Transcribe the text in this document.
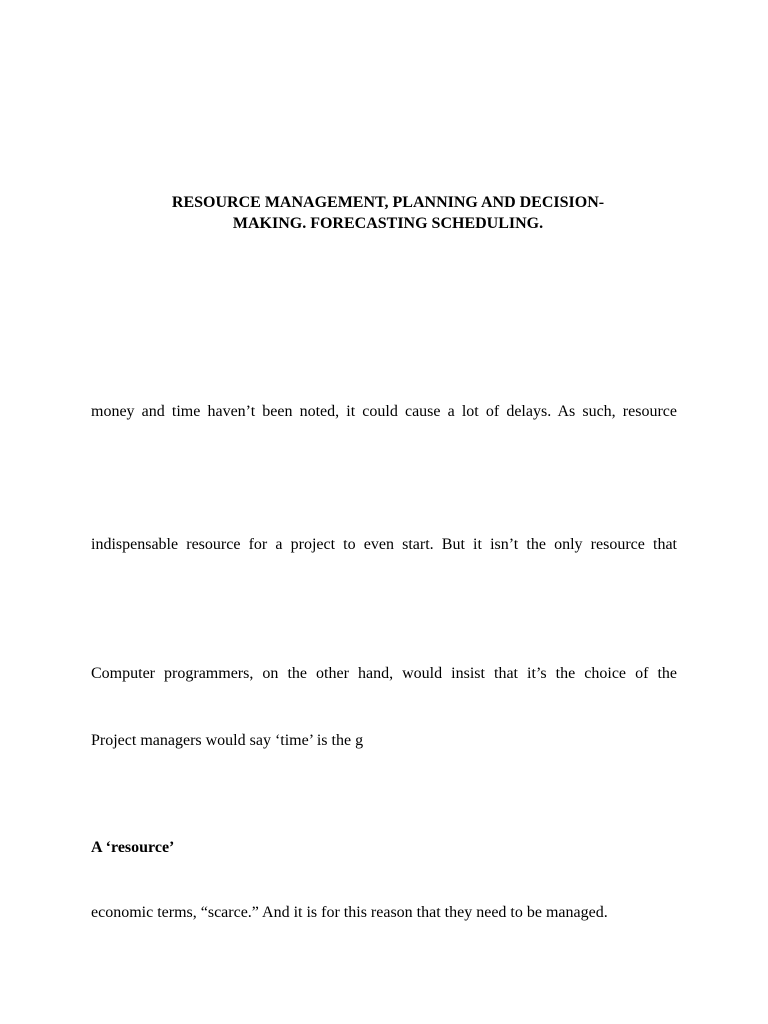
RESOURCE MANAGEMENT, PLANNING AND DECISION-
MAKING. FORECASTING SCHEDULING.
money and time haven’t been noted, it could cause a lot of delays. As such, resource
indispensable resource for a project to even start. But it isn’t the only resource that
Computer programmers, on the other hand, would insist that it’s the choice of the
Project managers would say ‘time’ is the g
A ‘resource’
economic terms, “scarce.” And it is for this reason that they need to be managed.
